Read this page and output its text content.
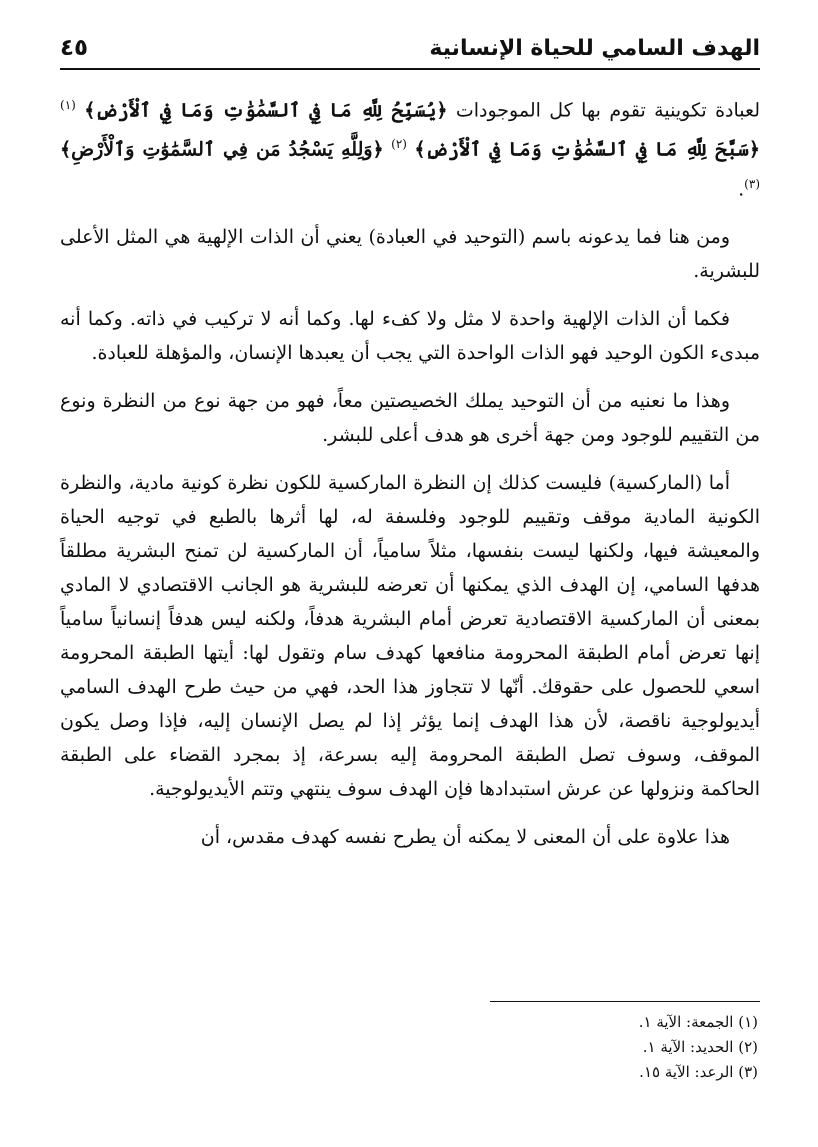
الهدف السامي للحياة الإنسانية
٤٥

لعبادة تكوينية تقوم بها كل الموجودات ﴿يُسَبِّحُ لِلَّهِ مَا فِي ٱلسَّمَٰوَٰتِ وَمَا فِي ٱلْأَرْضِ﴾ $^{(١)}$ ﴿سَبَّحَ لِلَّهِ مَا فِي ٱلسَّمَٰوَٰتِ وَمَا فِي ٱلْأَرْضِ﴾ $^{(٢)}$ ﴿وَلِلَّهِ يَسْجُدُ مَن فِي ٱلسَّمَٰوَٰتِ وَٱلْأَرْضِ﴾ $^{(٣)}$.

ومن هنا فما يدعونه باسم (التوحيد في العبادة) يعني أن الذات الإلهية هي المثل الأعلى للبشرية.

فكما أن الذات الإلهية واحدة لا مثل ولا كفء لها. وكما أنه لا تركيب في ذاته. وكما أنه مبدىء الكون الوحيد فهو الذات الواحدة التي يجب أن يعبدها الإنسان، والمؤهلة للعبادة.

وهذا ما نعنيه من أن التوحيد يملك الخصيصتين معاً، فهو من جهة نوع من النظرة ونوع من التقييم للوجود ومن جهة أخرى هو هدف أعلى للبشر.

أما (الماركسية) فليست كذلك إن النظرة الماركسية للكون نظرة كونية مادية، والنظرة الكونية المادية موقف وتقييم للوجود وفلسفة له، لها أثرها بالطبع في توجيه الحياة والمعيشة فيها، ولكنها ليست بنفسها، مثلاً سامياً، أن الماركسية لن تمنح البشرية مطلقاً هدفها السامي، إن الهدف الذي يمكنها أن تعرضه للبشرية هو الجانب الاقتصادي لا المادي بمعنى أن الماركسية الاقتصادية تعرض أمام البشرية هدفاً، ولكنه ليس هدفاً إنسانياً سامياً إنها تعرض أمام الطبقة المحرومة منافعها كهدف سام وتقول لها: أيتها الطبقة المحرومة اسعي للحصول على حقوقك. أنّها لا تتجاوز هذا الحد، فهي من حيث طرح الهدف السامي أيديولوجية ناقصة، لأن هذا الهدف إنما يؤثر إذا لم يصل الإنسان إليه، فإذا وصل يكون الموقف، وسوف تصل الطبقة المحرومة إليه بسرعة، إذ بمجرد القضاء على الطبقة الحاكمة ونزولها عن عرش استبدادها فإن الهدف سوف ينتهي وتتم الأيديولوجية.

هذا علاوة على أن المعنى لا يمكنه أن يطرح نفسه كهدف مقدس، أن

(١) الجمعة: الآية ١.

(٢) الحديد: الآية ١.

(٣) الرعد: الآية ١٥.
